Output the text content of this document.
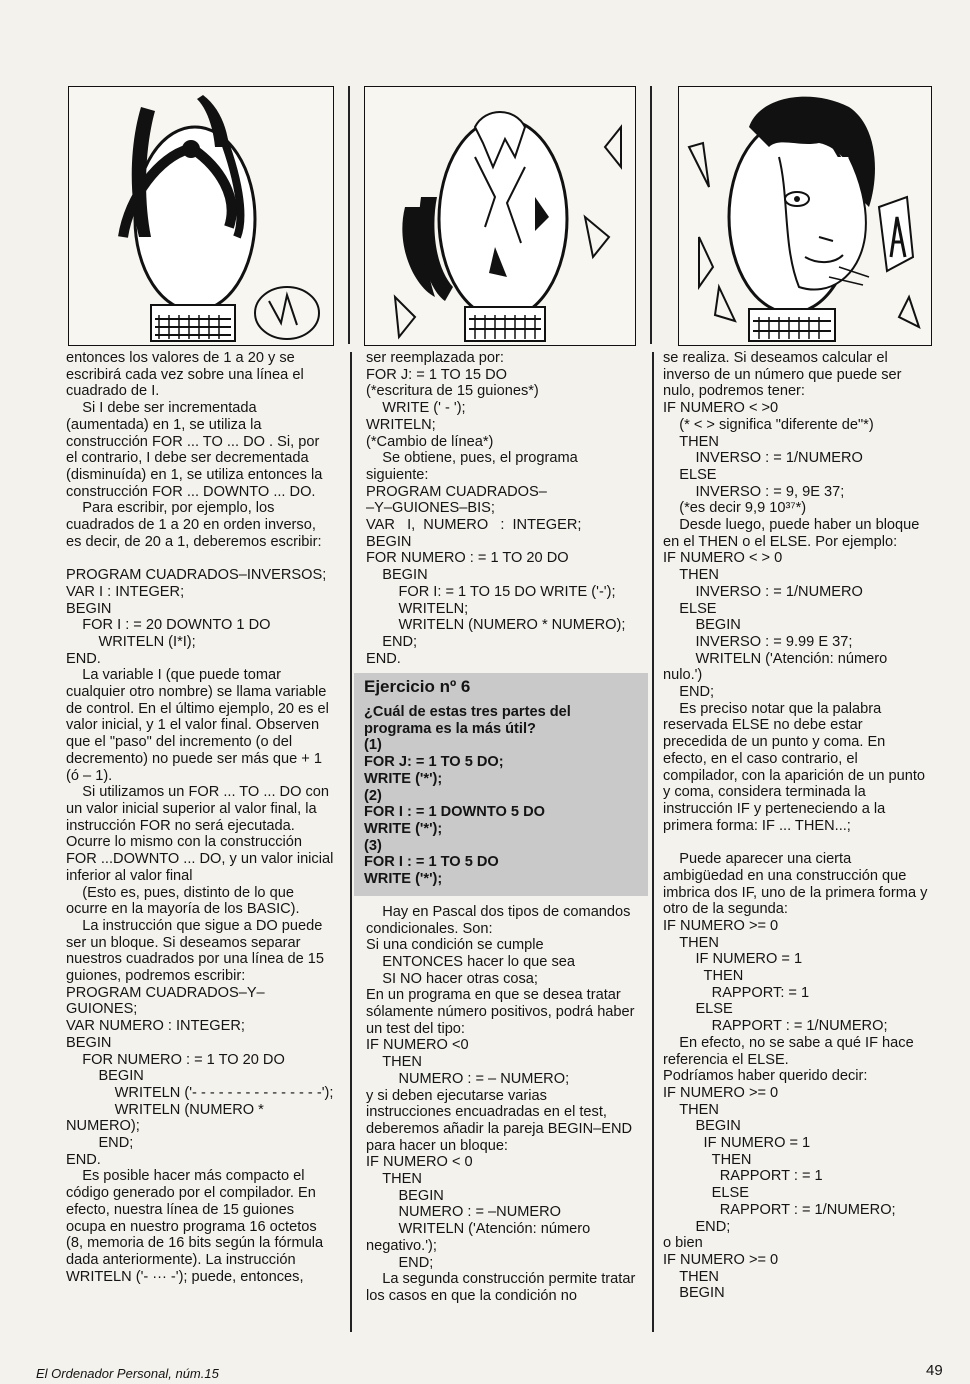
entonces los valores de 1 a 20 y se escribirá cada vez sobre una línea el cuadrado de I.

Si I debe ser incrementada (aumentada) en 1, se utiliza la construcción FOR ... TO ... DO . Si, por el contrario, I debe ser decrementada (disminuída) en 1, se utiliza entonces la construcción FOR ... DOWNTO ... DO.

Para escribir, por ejemplo, los cuadrados de 1 a 20 en orden inverso, es decir, de 20 a 1, deberemos escribir:

PROGRAM CUADRADOS–INVERSOS;

VAR I : INTEGER;

BEGIN

FOR I : = 20 DOWNTO 1 DO

WRITELN (I*I);

END.

La variable I (que puede tomar cualquier otro nombre) se llama variable de control. En el último ejemplo, 20 es el valor inicial, y 1 el valor final. Observen que el "paso" del incremento (o del decremento) no puede ser más que + 1 (ó – 1).

Si utilizamos un FOR ... TO ... DO con un valor inicial superior al valor final, la instrucción FOR no será ejecutada. Ocurre lo mismo con la construcción FOR ...DOWNTO ... DO, y un valor inicial inferior al valor final

(Esto es, pues, distinto de lo que ocurre en la mayoría de los BASIC).

La instrucción que sigue a DO puede ser un bloque. Si deseamos separar nuestros cuadrados por una línea de 15 guiones, podremos escribir:

PROGRAM CUADRADOS–Y–GUIONES;

VAR NUMERO : INTEGER;

BEGIN

FOR NUMERO : = 1 TO 20 DO

BEGIN

WRITELN ('- - - - - - - - - - - - - - -');

WRITELN (NUMERO * NUMERO);

END;

END.

Es posible hacer más compacto el código generado por el compilador. En efecto, nuestra línea de 15 guiones ocupa en nuestro programa 16 octetos (8, memoria de 16 bits según la fórmula dada anteriormente). La instrucción WRITELN ('- ··· -'); puede, entonces,

ser reemplazada por:

FOR J: = 1 TO 15 DO

(*escritura de 15 guiones*)

WRITE (' - ');

WRITELN;

(*Cambio de línea*)

Se obtiene, pues, el programa siguiente:

PROGRAM CUADRADOS–

–Y–GUIONES–BIS;

VAR   I,  NUMERO   :  INTEGER;

BEGIN

FOR NUMERO : = 1 TO 20 DO

BEGIN

FOR I: = 1 TO 15 DO WRITE ('-');

WRITELN;

WRITELN (NUMERO * NUMERO);

END;

END.

Ejercicio nº 6

¿Cuál de estas tres partes del programa es la más útil?

(1)

FOR J: = 1 TO 5 DO;

WRITE ('*');

(2)

FOR I : = 1 DOWNTO 5 DO

WRITE ('*');

(3)

FOR I : = 1 TO 5 DO

WRITE ('*');

Hay en Pascal dos tipos de comandos condicionales. Son:

Si una condición se cumple

ENTONCES hacer lo que sea

SI NO hacer otras cosa;

En un programa en que se desea tratar sólamente número positivos, podrá haber un test del tipo:

IF NUMERO <0

THEN

NUMERO : = – NUMERO;

y si deben ejecutarse varias instrucciones encuadradas en el test, deberemos añadir la pareja BEGIN–END para hacer un bloque:

IF NUMERO < 0

THEN

BEGIN

NUMERO : = –NUMERO

WRITELN ('Atención: número negativo.');

END;

La segunda construcción permite tratar los casos en que la condición no

se realiza. Si deseamos calcular el inverso de un número que puede ser nulo, podremos tener:

IF NUMERO < >0

(* < > significa "diferente de"*)

THEN

INVERSO : = 1/NUMERO

ELSE

INVERSO : = 9, 9E 37;

(*es decir 9,9 10³⁷*)

Desde luego, puede haber un bloque en el THEN o el ELSE. Por ejemplo:

IF NUMERO < > 0

THEN

INVERSO : = 1/NUMERO

ELSE

BEGIN

INVERSO : = 9.99 E 37;

WRITELN ('Atención: número nulo.')

END;

Es preciso notar que la palabra reservada ELSE no debe estar precedida de un punto y coma. En efecto, en el caso contrario, el compilador, con la aparición de un punto y coma, considera terminada la instrucción IF y perteneciendo a la primera forma: IF ... THEN...;

Puede aparecer una cierta ambigüedad en una construcción que imbrica dos IF, uno de la primera forma y otro de la segunda:

IF NUMERO >= 0

THEN

IF NUMERO = 1

THEN

RAPPORT: = 1

ELSE

RAPPORT : = 1/NUMERO;

En efecto, no se sabe a qué IF hace referencia el ELSE.

Podríamos haber querido decir:

IF NUMERO >= 0

THEN

BEGIN

IF NUMERO = 1

THEN

RAPPORT : = 1

ELSE

RAPPORT : = 1/NUMERO;

END;

o bien

IF NUMERO >= 0

THEN

BEGIN

El Ordenador Personal, núm.15	49
